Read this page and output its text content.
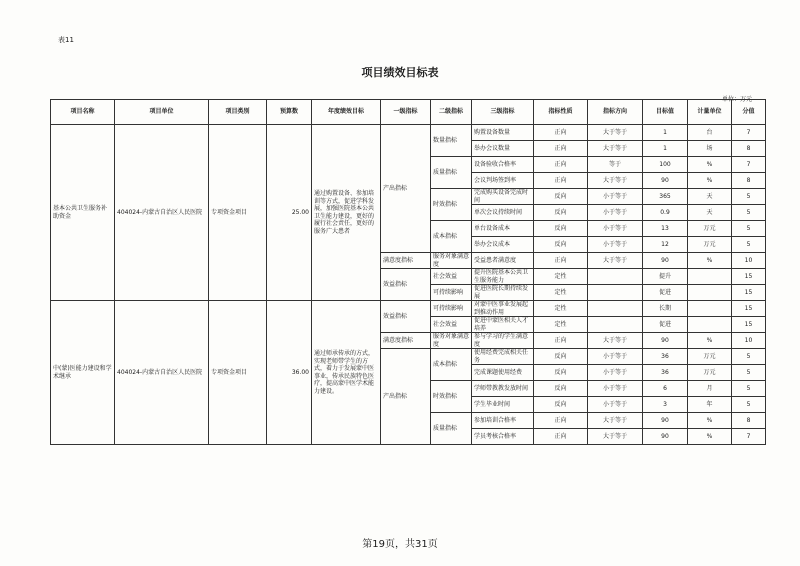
表11
项目绩效目标表
单位：万元
项目名称	项目单位	项目类别	预算数	年度绩效目标	一级指标	二级指标	三级指标	指标性质	指标方向	目标值	计量单位	分值
基本公共卫生服务补助资金	404024-内蒙古自治区人民医院	专项资金项目	25.00	通过购置设备、参加培训等方式，促进学科发展，加强医院基本公共卫生能力建设，更好的履行社会责任，更好的服务广大患者	产出指标	数量指标	购置设备数量	正向	大于等于	1	台	7
							举办会议数量	正向	大于等于	1	场	8
						质量指标	设备验收合格率	正向	等于	100	%	7
							会议判场签到率	正向	大于等于	90	%	8
						时效指标	完成购买设备完成时间	反向	小于等于	365	天	5
							单次会议持续时间	反向	小于等于	0.9	天	5
						成本指标	单台设备成本	反向	小于等于	13	万元	5
							举办会议成本	反向	小于等于	12	万元	5
					满意度指标	服务对象满意度	受益患者满意度	正向	大于等于	90	%	10
					效益指标	社会效益	提升医院基本公共卫生服务能力	定性		提升		15
						可持续影响	促进医院长期持续发展	定性		促进		15
中(蒙)医能力建设和学术继承	404024-内蒙古自治区人民医院	专项资金项目	36.00	通过师承传承的方式，实现老师带学生的方式，着力于发展蒙中医事业，传承民族特色医疗，提高蒙中医学术能力建设。	效益指标	可持续影响	对蒙中医事业发展起到推动作用	定性		长期		15
						社会效益	促进中蒙医相关人才培养	定性		促进		15
					满意度指标	服务对象满意度	参与学习的学生满意度	正向	大于等于	90	%	10
					产出指标	成本指标	使用经费完成相关任务	反向	小于等于	36	万元	5
							完成课题使用经费	反向	小于等于	36	万元	5
						时效指标	学师带教教发放时间	反向	小于等于	6	月	5
							学生毕业时间	反向	小于等于	3	年	5
						质量指标	参加培训合格率	正向	大于等于	90	%	8
							学员考核合格率	正向	大于等于	90	%	7
第19页，共31页
